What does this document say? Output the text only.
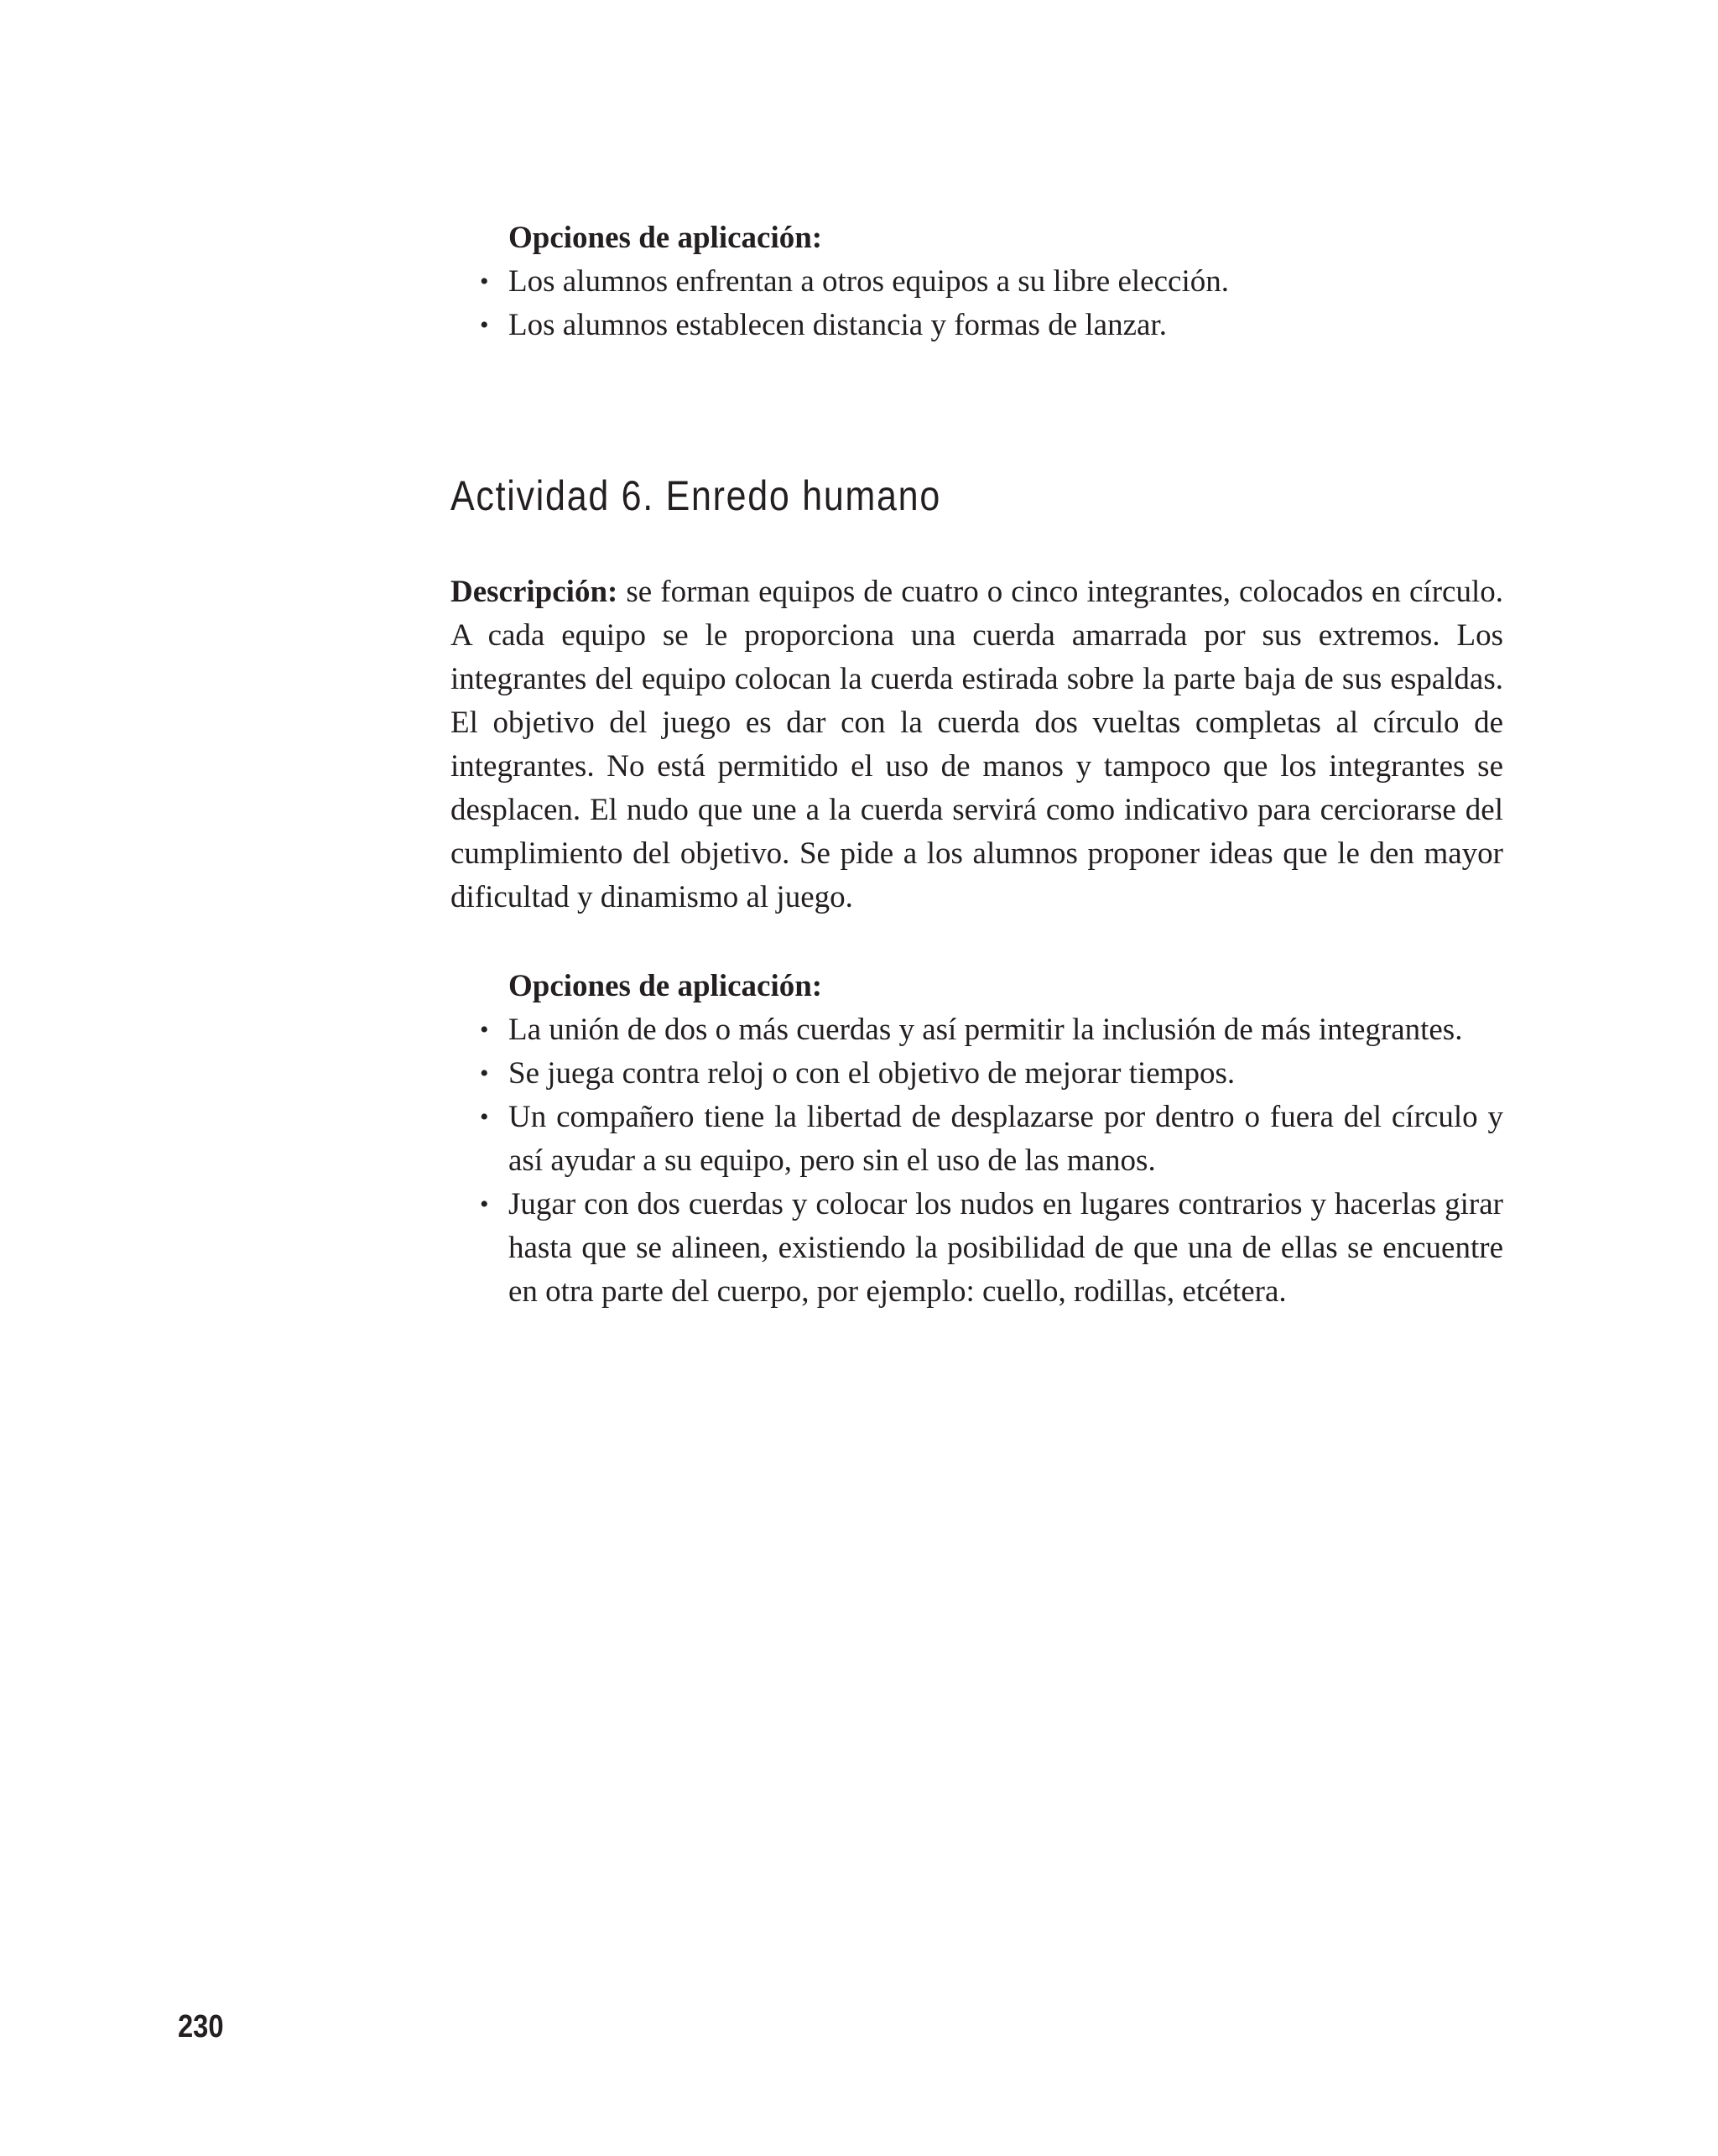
Opciones de aplicación:
• Los alumnos enfrentan a otros equipos a su libre elección.
• Los alumnos establecen distancia y formas de lanzar.
Actividad 6. Enredo humano
Descripción: se forman equipos de cuatro o cinco integrantes, colocados en círculo. A cada equipo se le proporciona una cuerda amarrada por sus extremos. Los integrantes del equipo colocan la cuerda estirada sobre la parte baja de sus espaldas. El objetivo del juego es dar con la cuerda dos vueltas completas al círculo de integrantes. No está permitido el uso de manos y tampoco que los integrantes se desplacen. El nudo que une a la cuerda servirá como indicativo para cerciorarse del cumplimiento del objetivo. Se pide a los alumnos proponer ideas que le den mayor dificultad y dinamismo al juego.
Opciones de aplicación:
• La unión de dos o más cuerdas y así permitir la inclusión de más integrantes.
• Se juega contra reloj o con el objetivo de mejorar tiempos.
• Un compañero tiene la libertad de desplazarse por dentro o fuera del círculo y así ayudar a su equipo, pero sin el uso de las manos.
• Jugar con dos cuerdas y colocar los nudos en lugares contrarios y hacerlas girar hasta que se alineen, existiendo la posibilidad de que una de ellas se encuentre en otra parte del cuerpo, por ejemplo: cuello, rodillas, etcétera.
230
